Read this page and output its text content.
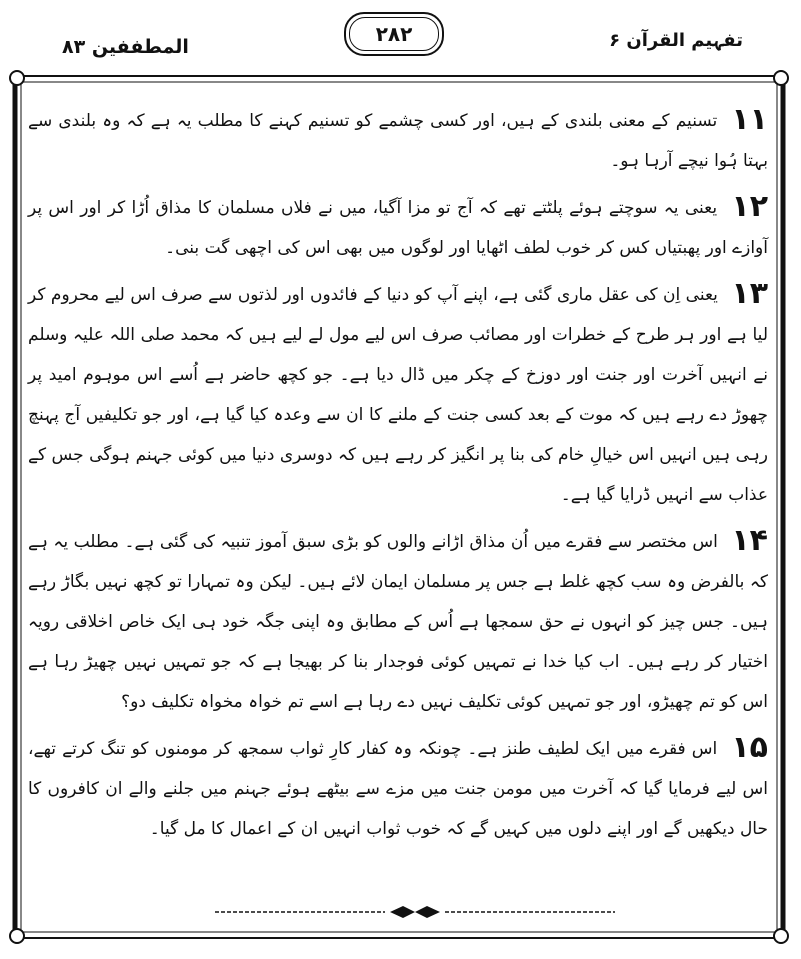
المطففین ۸۳
۲۸۲	تفہیم القرآن ۶

۱۱ تسنیم کے معنی بلندی کے ہیں، اور کسی چشمے کو تسنیم کہنے کا مطلب یہ ہے کہ وہ بلندی سے بہتا ہُوا نیچے آرہا ہو۔

۱۲ یعنی یہ سوچتے ہوئے پلٹتے تھے کہ آج تو مزا آگیا، میں نے فلاں مسلمان کا مذاق اُڑا کر اور اس پر آوازے اور پھبتیاں کس کر خوب لطف اٹھایا اور لوگوں میں بھی اس کی اچھی گت بنی۔

۱۳ یعنی اِن کی عقل ماری گئی ہے، اپنے آپ کو دنیا کے فائدوں اور لذتوں سے صرف اس لیے محروم کر لیا ہے اور ہر طرح کے خطرات اور مصائب صرف اس لیے مول لے لیے ہیں کہ محمد صلی اللہ علیہ وسلم نے انہیں آخرت اور جنت اور دوزخ کے چکر میں ڈال دیا ہے۔ جو کچھ حاضر ہے اُسے اس موہوم امید پر چھوڑ دے رہے ہیں کہ موت کے بعد کسی جنت کے ملنے کا ان سے وعدہ کیا گیا ہے، اور جو تکلیفیں آج پہنچ رہی ہیں انہیں اس خیالِ خام کی بنا پر انگیز کر رہے ہیں کہ دوسری دنیا میں کوئی جہنم ہوگی جس کے عذاب سے انہیں ڈرایا گیا ہے۔

۱۴ اس مختصر سے فقرے میں اُن مذاق اڑانے والوں کو بڑی سبق آموز تنبیہ کی گئی ہے۔ مطلب یہ ہے کہ بالفرض وہ سب کچھ غلط ہے جس پر مسلمان ایمان لائے ہیں۔ لیکن وہ تمہارا تو کچھ نہیں بگاڑ رہے ہیں۔ جس چیز کو انہوں نے حق سمجھا ہے اُس کے مطابق وہ اپنی جگہ خود ہی ایک خاص اخلاقی رویہ اختیار کر رہے ہیں۔ اب کیا خدا نے تمہیں کوئی فوجدار بنا کر بھیجا ہے کہ جو تمہیں نہیں چھیڑ رہا ہے اس کو تم چھیڑو، اور جو تمہیں کوئی تکلیف نہیں دے رہا ہے اسے تم خواہ مخواہ تکلیف دو؟

۱۵ اس فقرے میں ایک لطیف طنز ہے۔ چونکہ وہ کفار کارِ ثواب سمجھ کر مومنوں کو تنگ کرتے تھے، اس لیے فرمایا گیا کہ آخرت میں مومن جنت میں مزے سے بیٹھے ہوئے جہنم میں جلنے والے ان کافروں کا حال دیکھیں گے اور اپنے دلوں میں کہیں گے کہ خوب ثواب انہیں ان کے اعمال کا مل گیا۔
